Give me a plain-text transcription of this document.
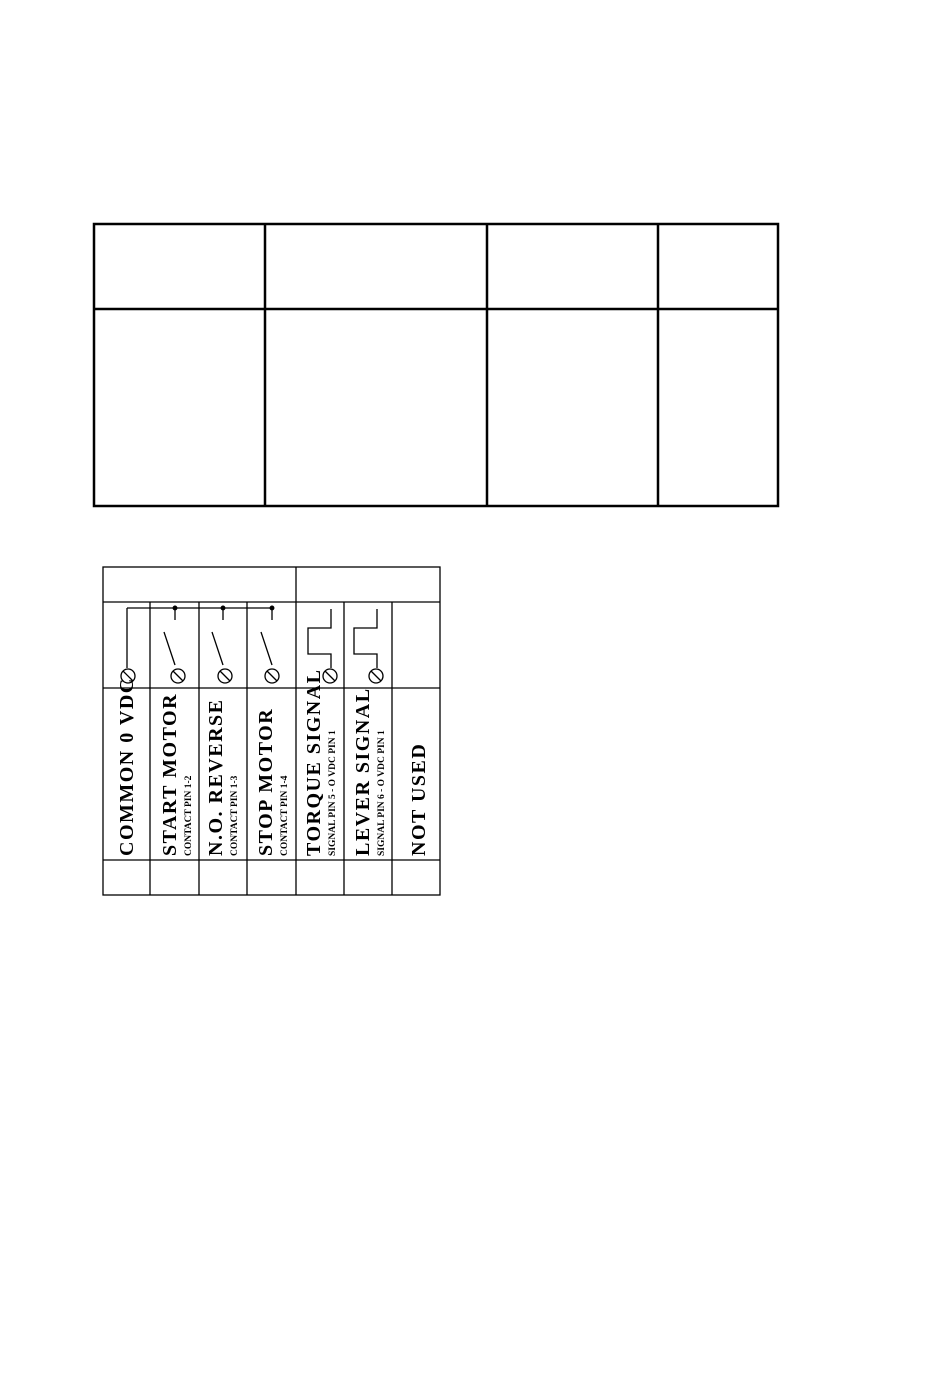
COMMON 0 VDC START MOTOR CONTACT PIN 1-2 N.O. REVERSE CONTACT PIN 1-3 STOP MOTOR CONTACT PIN 1-4 TORQUE SIGNAL SIGNAL PIN 5 - O VDC PIN 1 LEVER SIGNAL SIGNAL PIN 6 - O VDC PIN 1 NOT USED
